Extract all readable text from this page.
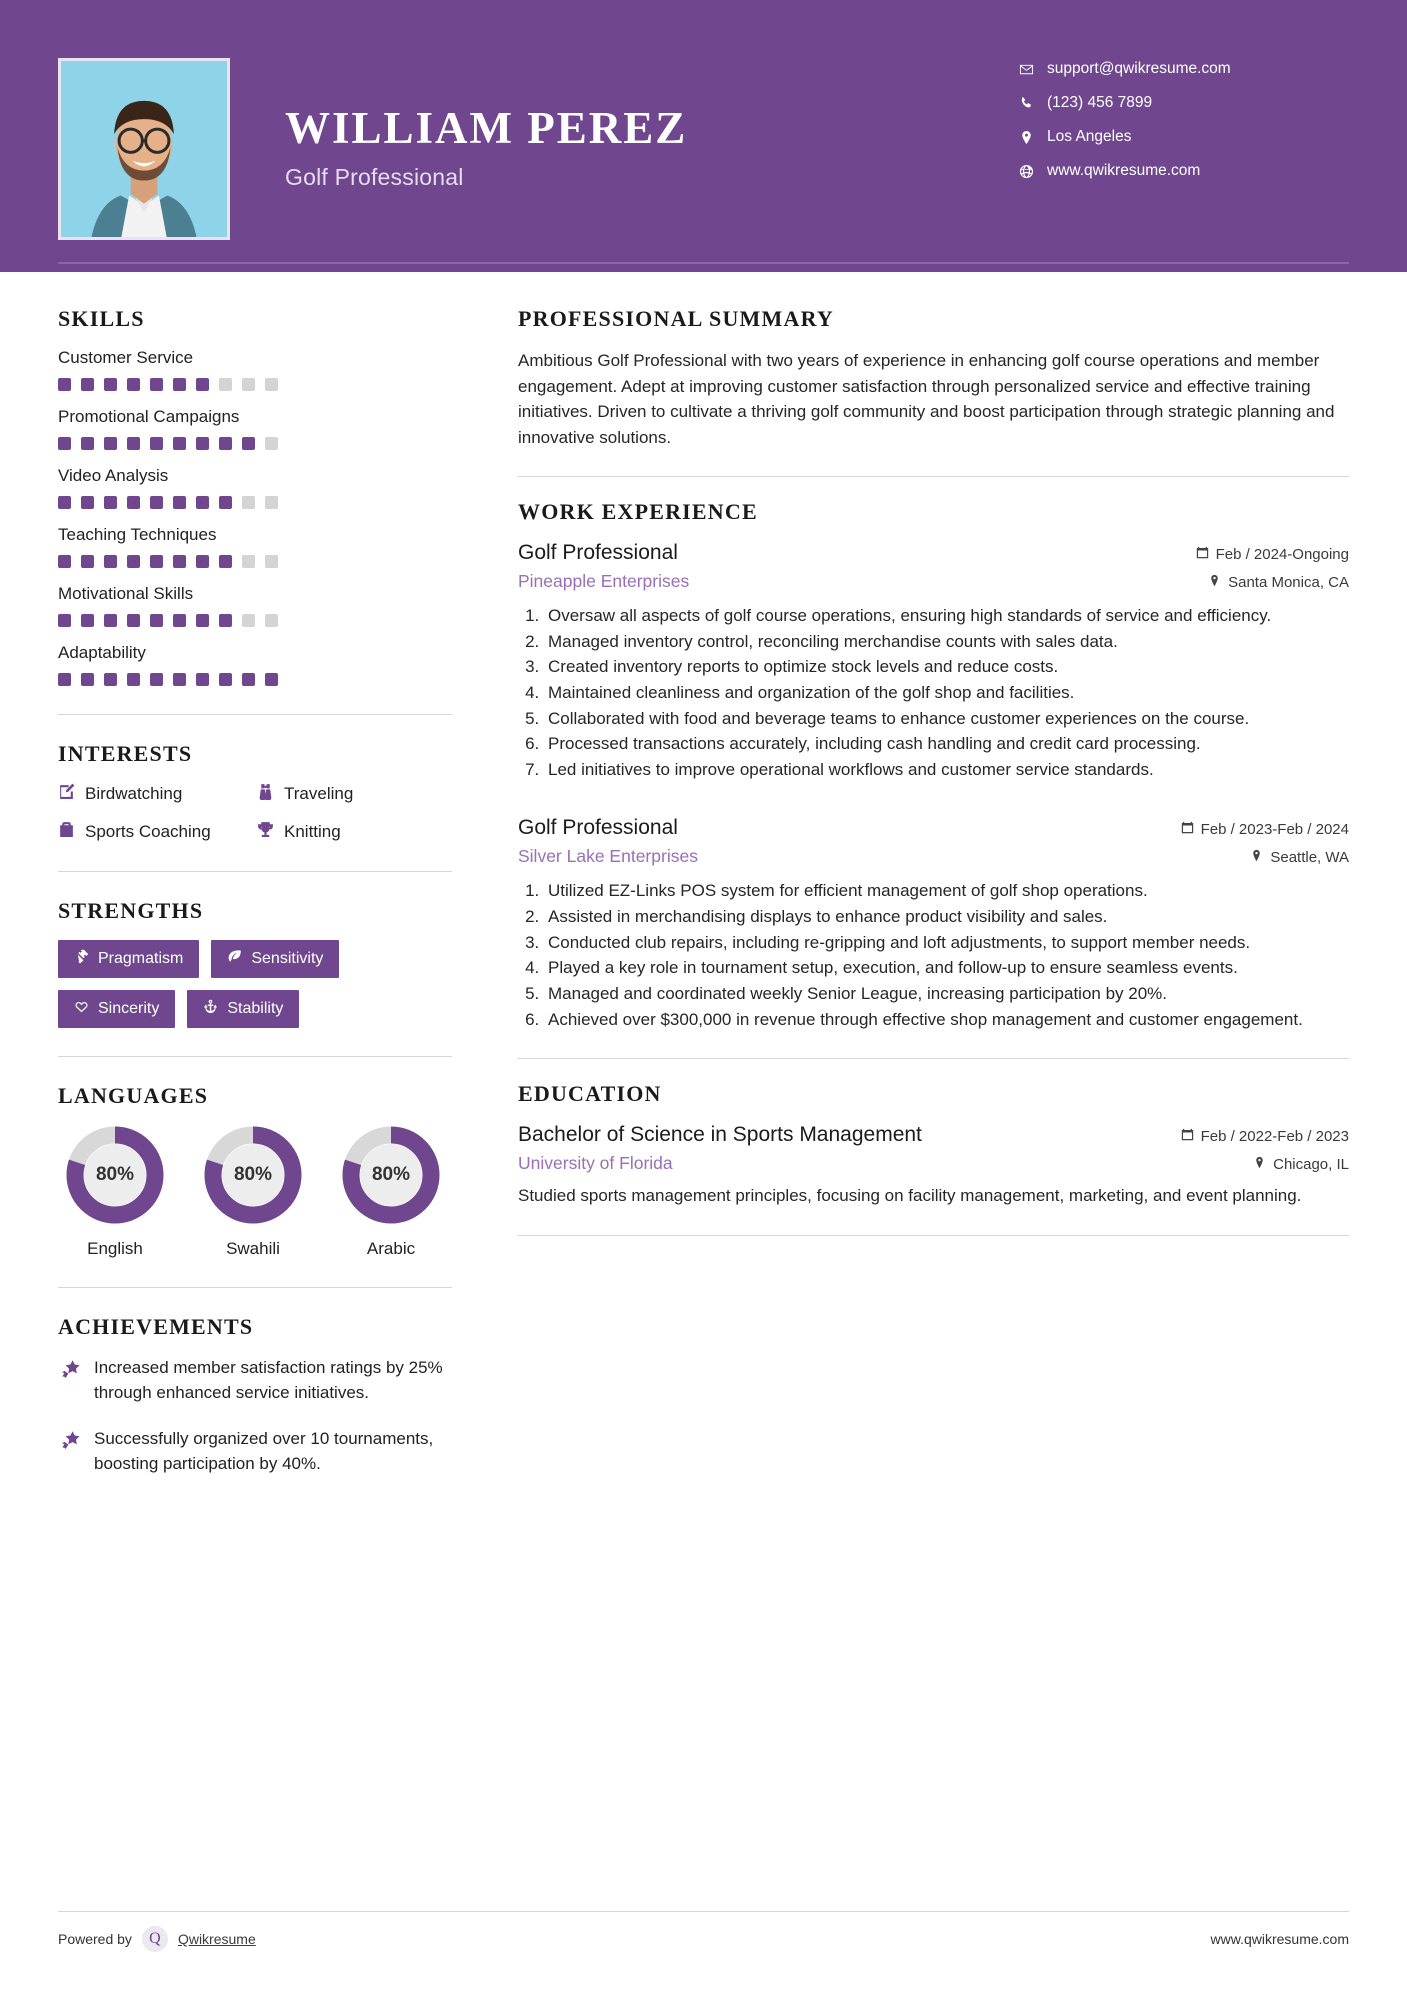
WILLIAM PEREZ
Golf Professional
support@qwikresume.com
(123) 456 7899
Los Angeles
www.qwikresume.com
SKILLS
Customer Service
Promotional Campaigns
Video Analysis
Teaching Techniques
Motivational Skills
Adaptability
INTERESTS
Birdwatching	Traveling
Sports Coaching	Knitting
STRENGTHS
Pragmatism	Sensitivity
Sincerity	Stability
LANGUAGES
80%
English
80%
Swahili
80%
Arabic
ACHIEVEMENTS
Increased member satisfaction ratings by 25% through enhanced service initiatives.
Successfully organized over 10 tournaments, boosting participation by 40%.
PROFESSIONAL SUMMARY
Ambitious Golf Professional with two years of experience in enhancing golf course operations and member engagement. Adept at improving customer satisfaction through personalized service and effective training initiatives. Driven to cultivate a thriving golf community and boost participation through strategic planning and innovative solutions.
WORK EXPERIENCE
Golf Professional	Feb / 2024-Ongoing
Pineapple Enterprises	Santa Monica, CA
1. Oversaw all aspects of golf course operations, ensuring high standards of service and efficiency.
2. Managed inventory control, reconciling merchandise counts with sales data.
3. Created inventory reports to optimize stock levels and reduce costs.
4. Maintained cleanliness and organization of the golf shop and facilities.
5. Collaborated with food and beverage teams to enhance customer experiences on the course.
6. Processed transactions accurately, including cash handling and credit card processing.
7. Led initiatives to improve operational workflows and customer service standards.
Golf Professional	Feb / 2023-Feb / 2024
Silver Lake Enterprises	Seattle, WA
1. Utilized EZ-Links POS system for efficient management of golf shop operations.
2. Assisted in merchandising displays to enhance product visibility and sales.
3. Conducted club repairs, including re-gripping and loft adjustments, to support member needs.
4. Played a key role in tournament setup, execution, and follow-up to ensure seamless events.
5. Managed and coordinated weekly Senior League, increasing participation by 20%.
6. Achieved over $300,000 in revenue through effective shop management and customer engagement.
EDUCATION
Bachelor of Science in Sports Management	Feb / 2022-Feb / 2023
University of Florida	Chicago, IL
Studied sports management principles, focusing on facility management, marketing, and event planning.
Powered by	Q	Qwikresume	www.qwikresume.com
